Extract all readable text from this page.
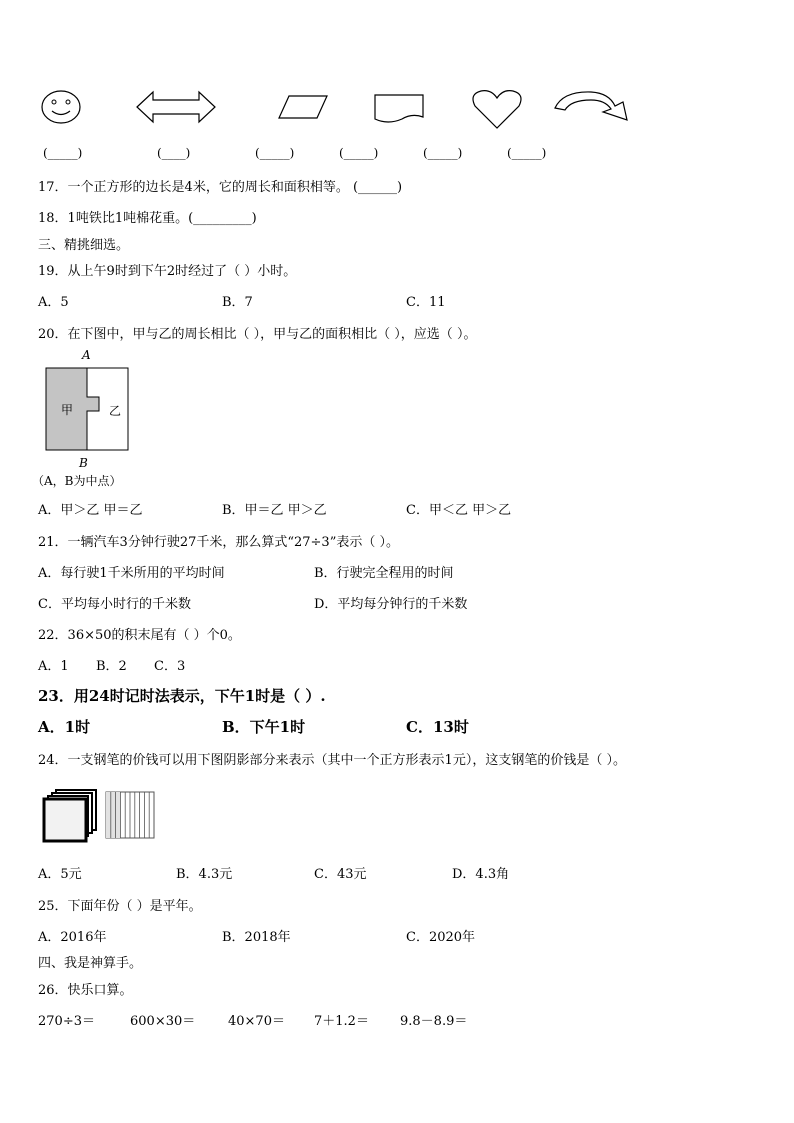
(_____)	(____)	(_____)	(_____)	(_____)	(_____)
17．一个正方形的边长是4米，它的周长和面积相等。 (______)
18．1吨铁比1吨棉花重。(_________)
三、精挑细选。
19．从上午9时到下午2时经过了（ ）小时。
A．5	B．7	C．11
20．在下图中，甲与乙的周长相比（ ），甲与乙的面积相比（ ），应选（ ）。
A
甲	乙
B
（A，B为中点）
A．甲＞乙 甲＝乙	B．甲＝乙 甲＞乙	C．甲＜乙 甲＞乙
21．一辆汽车3分钟行驶27千米，那么算式“27÷3”表示（ ）。
A．每行驶1千米所用的平均时间	B．行驶完全程用的时间
C．平均每小时行的千米数	D．平均每分钟行的千米数
22．36×50的积末尾有（ ）个0。
A．1 B．2 C．3
23．用24时记时法表示，下午1时是（ ）.
A．1时	B．下午1时	C．13时
24．一支钢笔的价钱可以用下图阴影部分来表示（其中一个正方形表示1元），这支钢笔的价钱是（ ）。
A．5元	B．4.3元	C．43元	D．4.3角
25．下面年份（ ）是平年。
A．2016年	B．2018年	C．2020年
四、我是神算手。
26．快乐口算。
270÷3＝	600×30＝	40×70＝ 7＋1.2＝ 9.8－8.9＝
